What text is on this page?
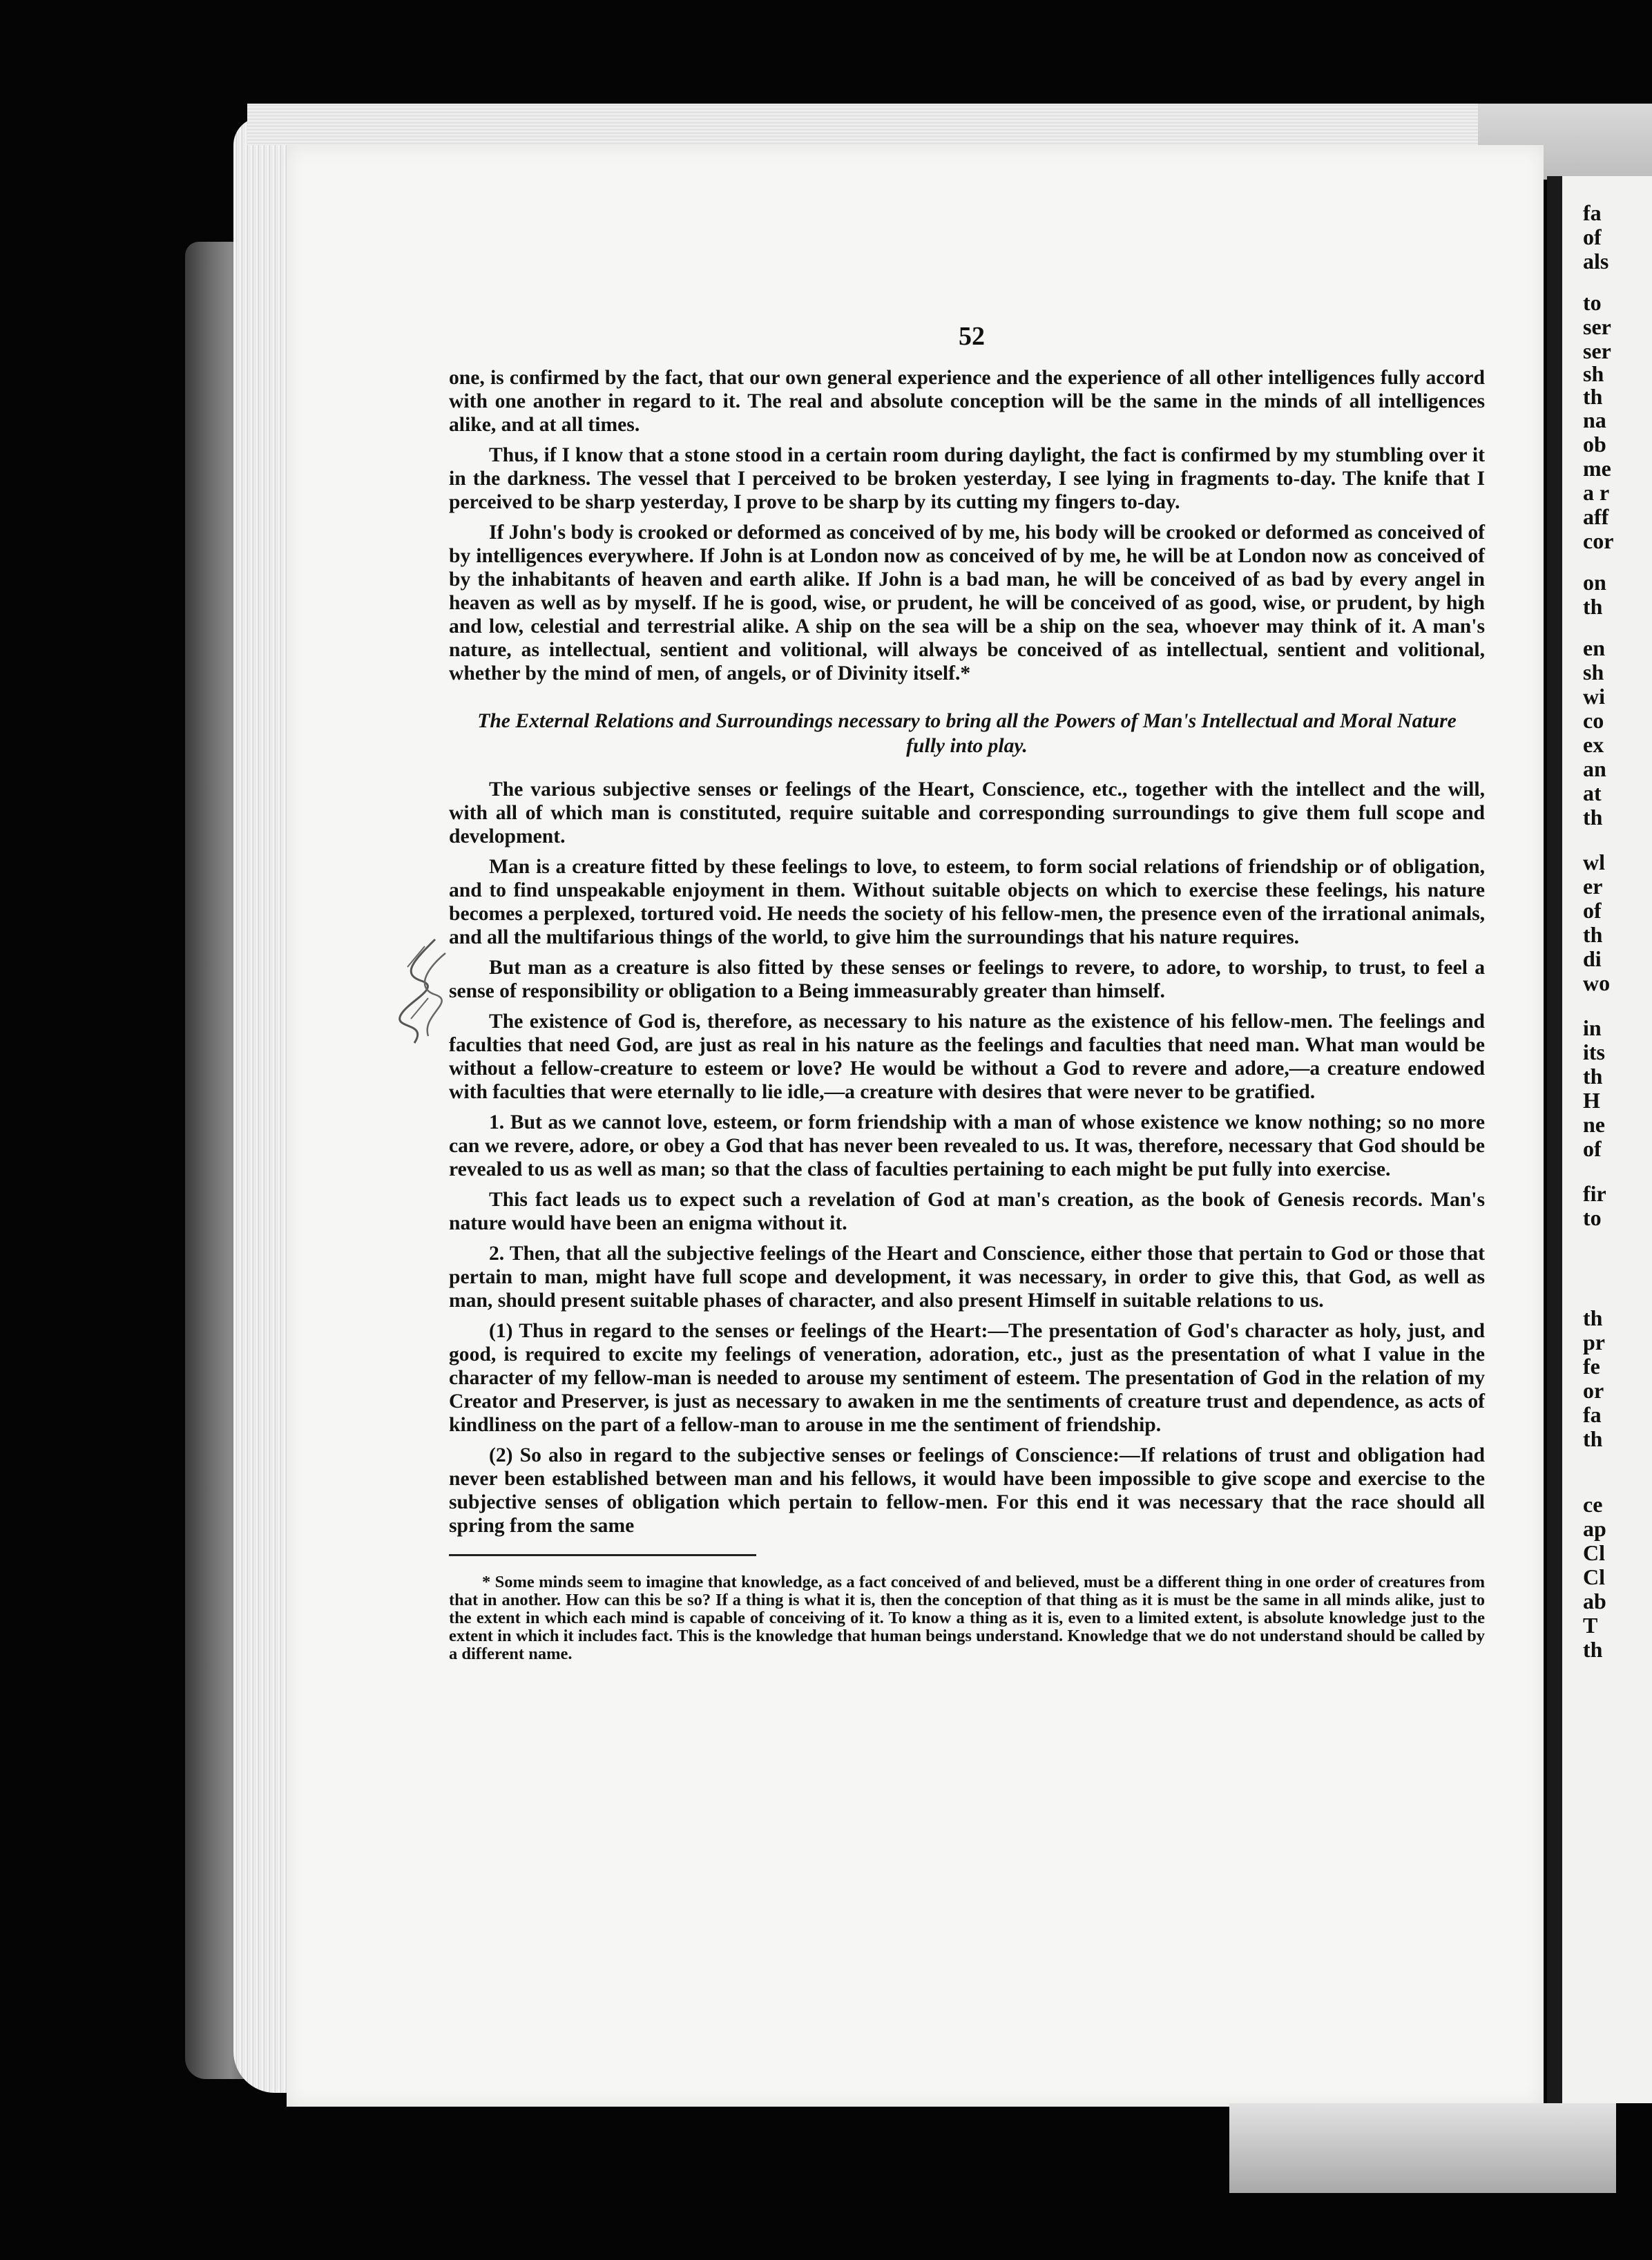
fa
of
als
to
ser
ser
sh
th
na
ob
me
a r
aff
cor
on
th
en
sh
wi
co
ex
an
at
th
wl
er
of
th
di
wo
in
its
th
H
ne
of
fir
to
th
pr
fe
or
fa
th
ce
ap
Cl
Cl
ab
T
th
52

one, is confirmed by the fact, that our own general experience and the experience of all other intelligences fully accord with one another in regard to it. The real and absolute conception will be the same in the minds of all intelligences alike, and at all times.

Thus, if I know that a stone stood in a certain room during daylight, the fact is confirmed by my stumbling over it in the darkness. The vessel that I perceived to be broken yesterday, I see lying in fragments to-day. The knife that I perceived to be sharp yesterday, I prove to be sharp by its cutting my fingers to-day.

If John's body is crooked or deformed as conceived of by me, his body will be crooked or deformed as conceived of by intelligences everywhere. If John is at London now as conceived of by me, he will be at London now as conceived of by the inhabitants of heaven and earth alike. If John is a bad man, he will be conceived of as bad by every angel in heaven as well as by myself. If he is good, wise, or prudent, he will be conceived of as good, wise, or prudent, by high and low, celestial and terrestrial alike. A ship on the sea will be a ship on the sea, whoever may think of it. A man's nature, as intellectual, sentient and volitional, will always be conceived of as intellectual, sentient and volitional, whether by the mind of men, of angels, or of Divinity itself.*

The External Relations and Surroundings necessary to bring all the Powers of Man's Intellectual and Moral Nature fully into play.

The various subjective senses or feelings of the Heart, Conscience, etc., together with the intellect and the will, with all of which man is constituted, require suitable and corresponding surroundings to give them full scope and development.

Man is a creature fitted by these feelings to love, to esteem, to form social relations of friendship or of obligation, and to find unspeakable enjoyment in them. Without suitable objects on which to exercise these feelings, his nature becomes a perplexed, tortured void. He needs the society of his fellow-men, the presence even of the irrational animals, and all the multifarious things of the world, to give him the surroundings that his nature requires.

But man as a creature is also fitted by these senses or feelings to revere, to adore, to worship, to trust, to feel a sense of responsibility or obligation to a Being immeasurably greater than himself.

The existence of God is, therefore, as necessary to his nature as the existence of his fellow-men. The feelings and faculties that need God, are just as real in his nature as the feelings and faculties that need man. What man would be without a fellow-creature to esteem or love? He would be without a God to revere and adore,—a creature endowed with faculties that were eternally to lie idle,—a creature with desires that were never to be gratified.

1. But as we cannot love, esteem, or form friendship with a man of whose existence we know nothing; so no more can we revere, adore, or obey a God that has never been revealed to us. It was, therefore, necessary that God should be revealed to us as well as man; so that the class of faculties pertaining to each might be put fully into exercise.

This fact leads us to expect such a revelation of God at man's creation, as the book of Genesis records. Man's nature would have been an enigma without it.

2. Then, that all the subjective feelings of the Heart and Conscience, either those that pertain to God or those that pertain to man, might have full scope and development, it was necessary, in order to give this, that God, as well as man, should present suitable phases of character, and also present Himself in suitable relations to us.

(1) Thus in regard to the senses or feelings of the Heart:—The presentation of God's character as holy, just, and good, is required to excite my feelings of veneration, adoration, etc., just as the presentation of what I value in the character of my fellow-man is needed to arouse my sentiment of esteem. The presentation of God in the relation of my Creator and Preserver, is just as necessary to awaken in me the sentiments of creature trust and dependence, as acts of kindliness on the part of a fellow-man to arouse in me the sentiment of friendship.

(2) So also in regard to the subjective senses or feelings of Conscience:—If relations of trust and obligation had never been established between man and his fellows, it would have been impossible to give scope and exercise to the subjective senses of obligation which pertain to fellow-men. For this end it was necessary that the race should all spring from the same

* Some minds seem to imagine that knowledge, as a fact conceived of and believed, must be a different thing in one order of creatures from that in another. How can this be so? If a thing is what it is, then the conception of that thing as it is must be the same in all minds alike, just to the extent in which each mind is capable of conceiving of it. To know a thing as it is, even to a limited extent, is absolute knowledge just to the extent in which it includes fact. This is the knowledge that human beings understand. Knowledge that we do not understand should be called by a different name.
